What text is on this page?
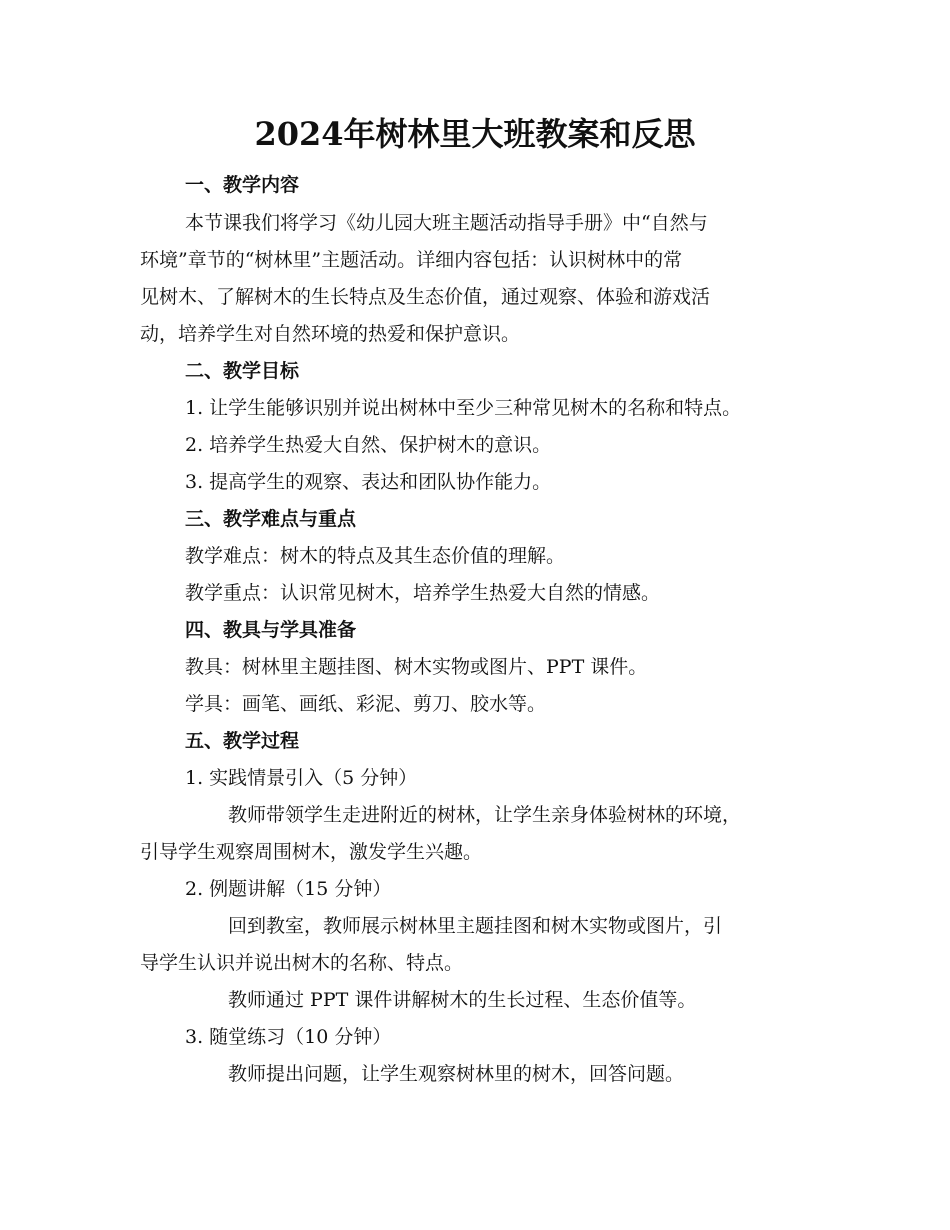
2024年树林里大班教案和反思
一、教学内容
本节课我们将学习《幼儿园大班主题活动指导手册》中“自然与
环境”章节的“树林里”主题活动。详细内容包括：认识树林中的常
见树木、了解树木的生长特点及生态价值，通过观察、体验和游戏活
动，培养学生对自然环境的热爱和保护意识。
二、教学目标
1. 让学生能够识别并说出树林中至少三种常见树木的名称和特点。
2. 培养学生热爱大自然、保护树木的意识。
3. 提高学生的观察、表达和团队协作能力。
三、教学难点与重点
教学难点：树木的特点及其生态价值的理解。
教学重点：认识常见树木，培养学生热爱大自然的情感。
四、教具与学具准备
教具：树林里主题挂图、树木实物或图片、PPT 课件。
学具：画笔、画纸、彩泥、剪刀、胶水等。
五、教学过程
1. 实践情景引入（5 分钟）
教师带领学生走进附近的树林，让学生亲身体验树林的环境，
引导学生观察周围树木，激发学生兴趣。
2. 例题讲解（15 分钟）
回到教室，教师展示树林里主题挂图和树木实物或图片，引
导学生认识并说出树木的名称、特点。
教师通过 PPT 课件讲解树木的生长过程、生态价值等。
3. 随堂练习（10 分钟）
教师提出问题，让学生观察树林里的树木，回答问题。
